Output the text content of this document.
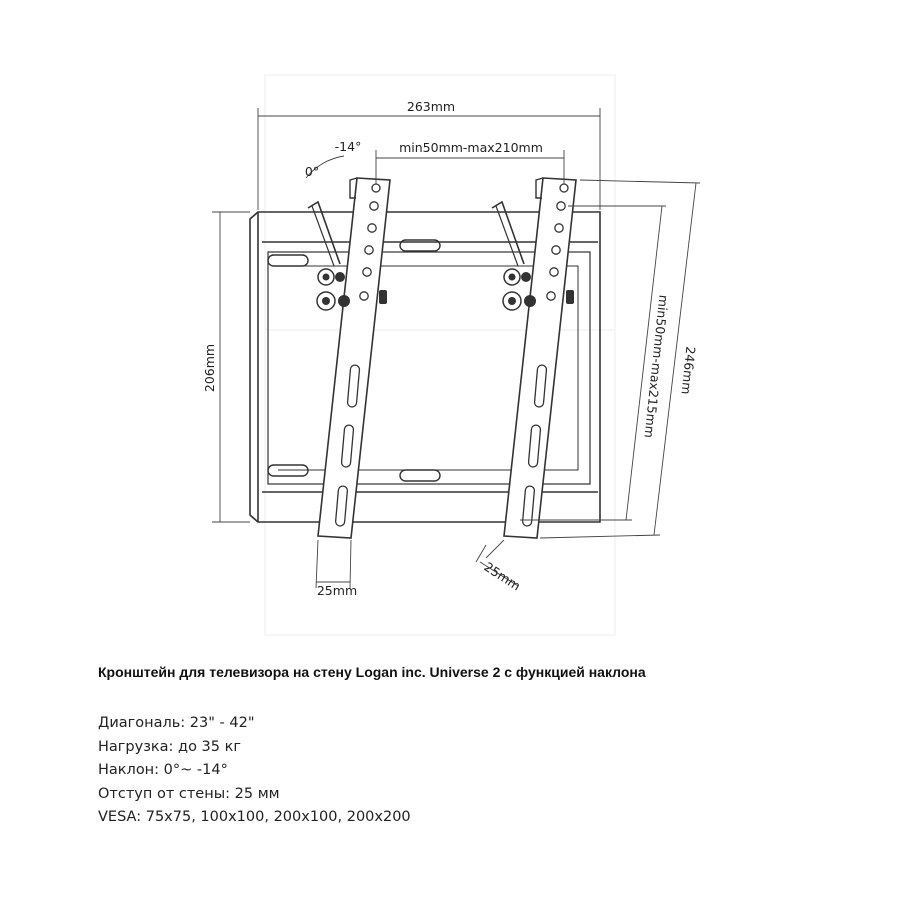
263mm
min50mm-max210mm
-14°
0°
206mm	246mm
min50mm-max215mm
25mm	25mm

Кронштейн для телевизора на стену Logan inc. Universe 2 с функцией наклона

Диагональ: 23" - 42"
Нагрузка: до 35 кг
Наклон: 0°~ -14°
Отступ от стены: 25 мм
VESA: 75x75, 100x100, 200x100, 200x200
